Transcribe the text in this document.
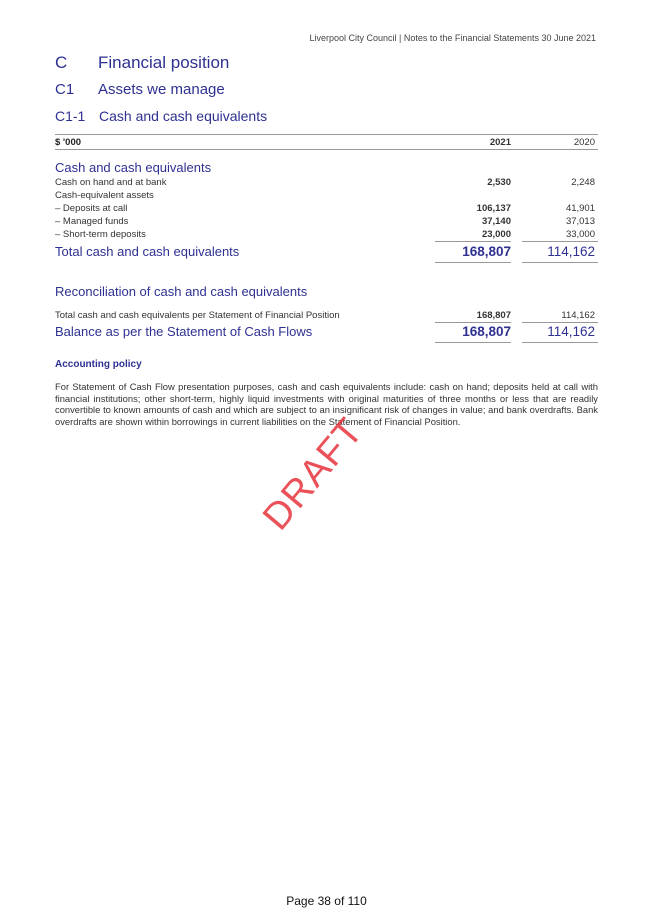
Liverpool City Council | Notes to the Financial Statements 30 June 2021
C Financial position
C1 Assets we manage
C1-1 Cash and cash equivalents
$ '000	2021	2020
Cash and cash equivalents
Cash on hand and at bank	2,530	2,248
Cash-equivalent assets
– Deposits at call	106,137	41,901
– Managed funds	37,140	37,013
– Short-term deposits	23,000	33,000
Total cash and cash equivalents	168,807	114,162
Reconciliation of cash and cash equivalents
Total cash and cash equivalents per Statement of Financial Position	168,807	114,162
Balance as per the Statement of Cash Flows	168,807	114,162
Accounting policy
For Statement of Cash Flow presentation purposes, cash and cash equivalents include: cash on hand; deposits held at call with financial institutions; other short-term, highly liquid investments with original maturities of three months or less that are readily convertible to known amounts of cash and which are subject to an insignificant risk of changes in value; and bank overdrafts. Bank overdrafts are shown within borrowings in current liabilities on the Statement of Financial Position.
DRAFT
Page 38 of 110
